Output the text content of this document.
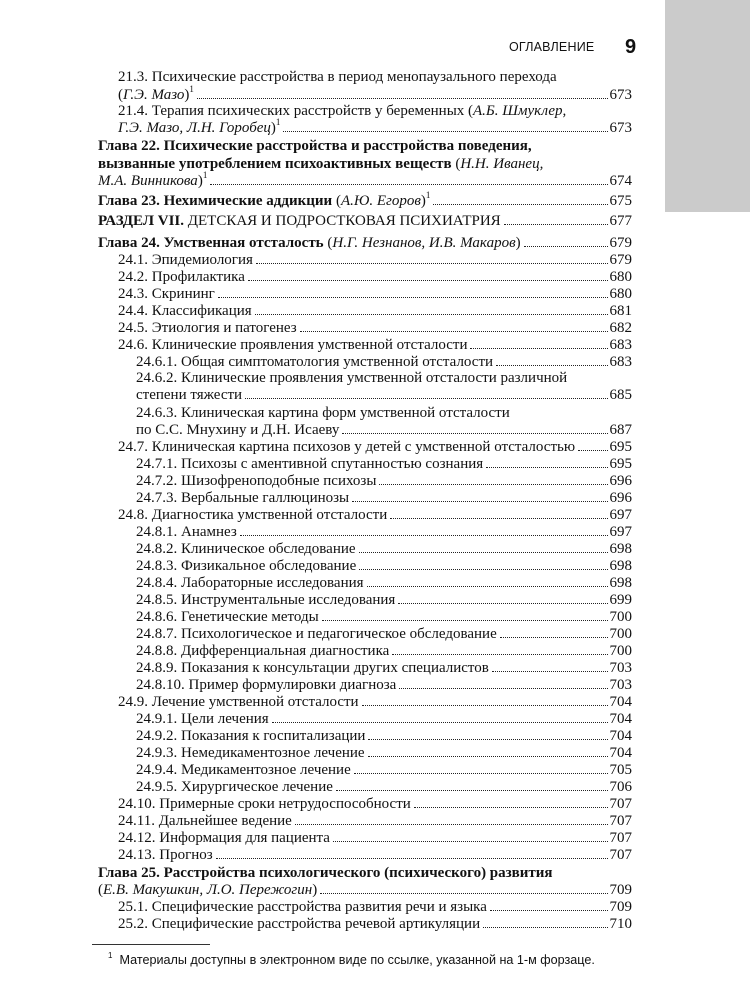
ОГЛАВЛЕНИЕ 9
21.3. Психические расстройства в период менопаузального перехода
(Г.Э. Мазо)$^1$	673
21.4. Терапия психических расстройств у беременных (А.Б. Шмуклер,
Г.Э. Мазо, Л.Н. Горобец)$^1$	673
Глава 22. Психические расстройства и расстройства поведения,
вызванные употреблением психоактивных веществ (Н.Н. Иванец,
М.А. Винникова)$^1$	674
Глава 23. Нехимические аддикции (А.Ю. Егоров)$^1$	675
РАЗДЕЛ VII. ДЕТСКАЯ И ПОДРОСТКОВАЯ ПСИХИАТРИЯ	677
Глава 24. Умственная отсталость (Н.Г. Незнанов, И.В. Макаров)	679
24.1. Эпидемиология	679
24.2. Профилактика	680
24.3. Скрининг	680
24.4. Классификация	681
24.5. Этиология и патогенез	682
24.6. Клинические проявления умственной отсталости	683
24.6.1. Общая симптоматология умственной отсталости	683
24.6.2. Клинические проявления умственной отсталости различной
степени тяжести	685
24.6.3. Клиническая картина форм умственной отсталости
по С.С. Мнухину и Д.Н. Исаеву	687
24.7. Клиническая картина психозов у детей с умственной отсталостью 695
24.7.1. Психозы с аментивной спутанностью сознания	695
24.7.2. Шизофреноподобные психозы	696
24.7.3. Вербальные галлюцинозы	696
24.8. Диагностика умственной отсталости	697
24.8.1. Анамнез	697
24.8.2. Клиническое обследование	698
24.8.3. Физикальное обследование	698
24.8.4. Лабораторные исследования	698
24.8.5. Инструментальные исследования	699
24.8.6. Генетические методы	700
24.8.7. Психологическое и педагогическое обследование	700
24.8.8. Дифференциальная диагностика	700
24.8.9. Показания к консультации других специалистов	703
24.8.10. Пример формулировки диагноза	703
24.9. Лечение умственной отсталости	704
24.9.1. Цели лечения	704
24.9.2. Показания к госпитализации	704
24.9.3. Немедикаментозное лечение	704
24.9.4. Медикаментозное лечение	705
24.9.5. Хирургическое лечение	706
24.10. Примерные сроки нетрудоспособности	707
24.11. Дальнейшее ведение	707
24.12. Информация для пациента	707
24.13. Прогноз	707
Глава 25. Расстройства психологического (психического) развития
(Е.В. Макушкин, Л.О. Пережогин)	709
25.1. Специфические расстройства развития речи и языка	709
25.2. Специфические расстройства речевой артикуляции	710
$^1$ Материалы доступны в электронном виде по ссылке, указанной на 1-м форзаце.
